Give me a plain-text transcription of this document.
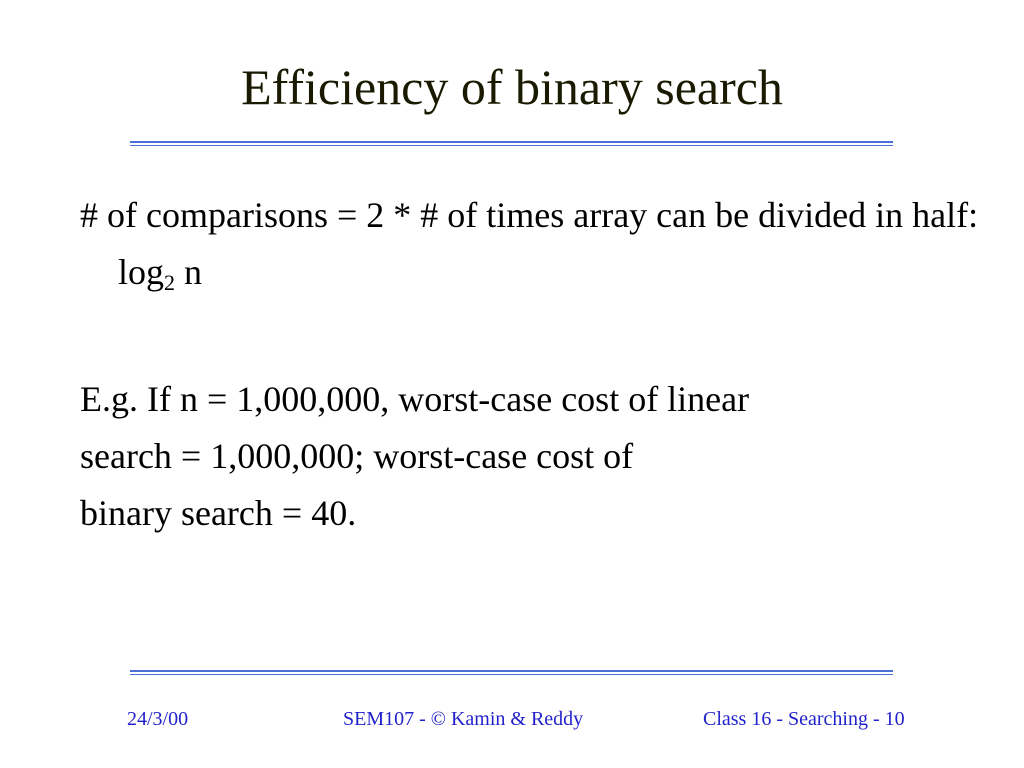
Efficiency of binary search
# of comparisons = 2 * # of times array can be divided in half: $\log_2 n$
E.g. If n = 1,000,000, worst-case cost of linear
search = 1,000,000; worst-case cost of
binary search = 40.
24/3/00	SEM107 - © Kamin & Reddy	Class 16 - Searching - 10
